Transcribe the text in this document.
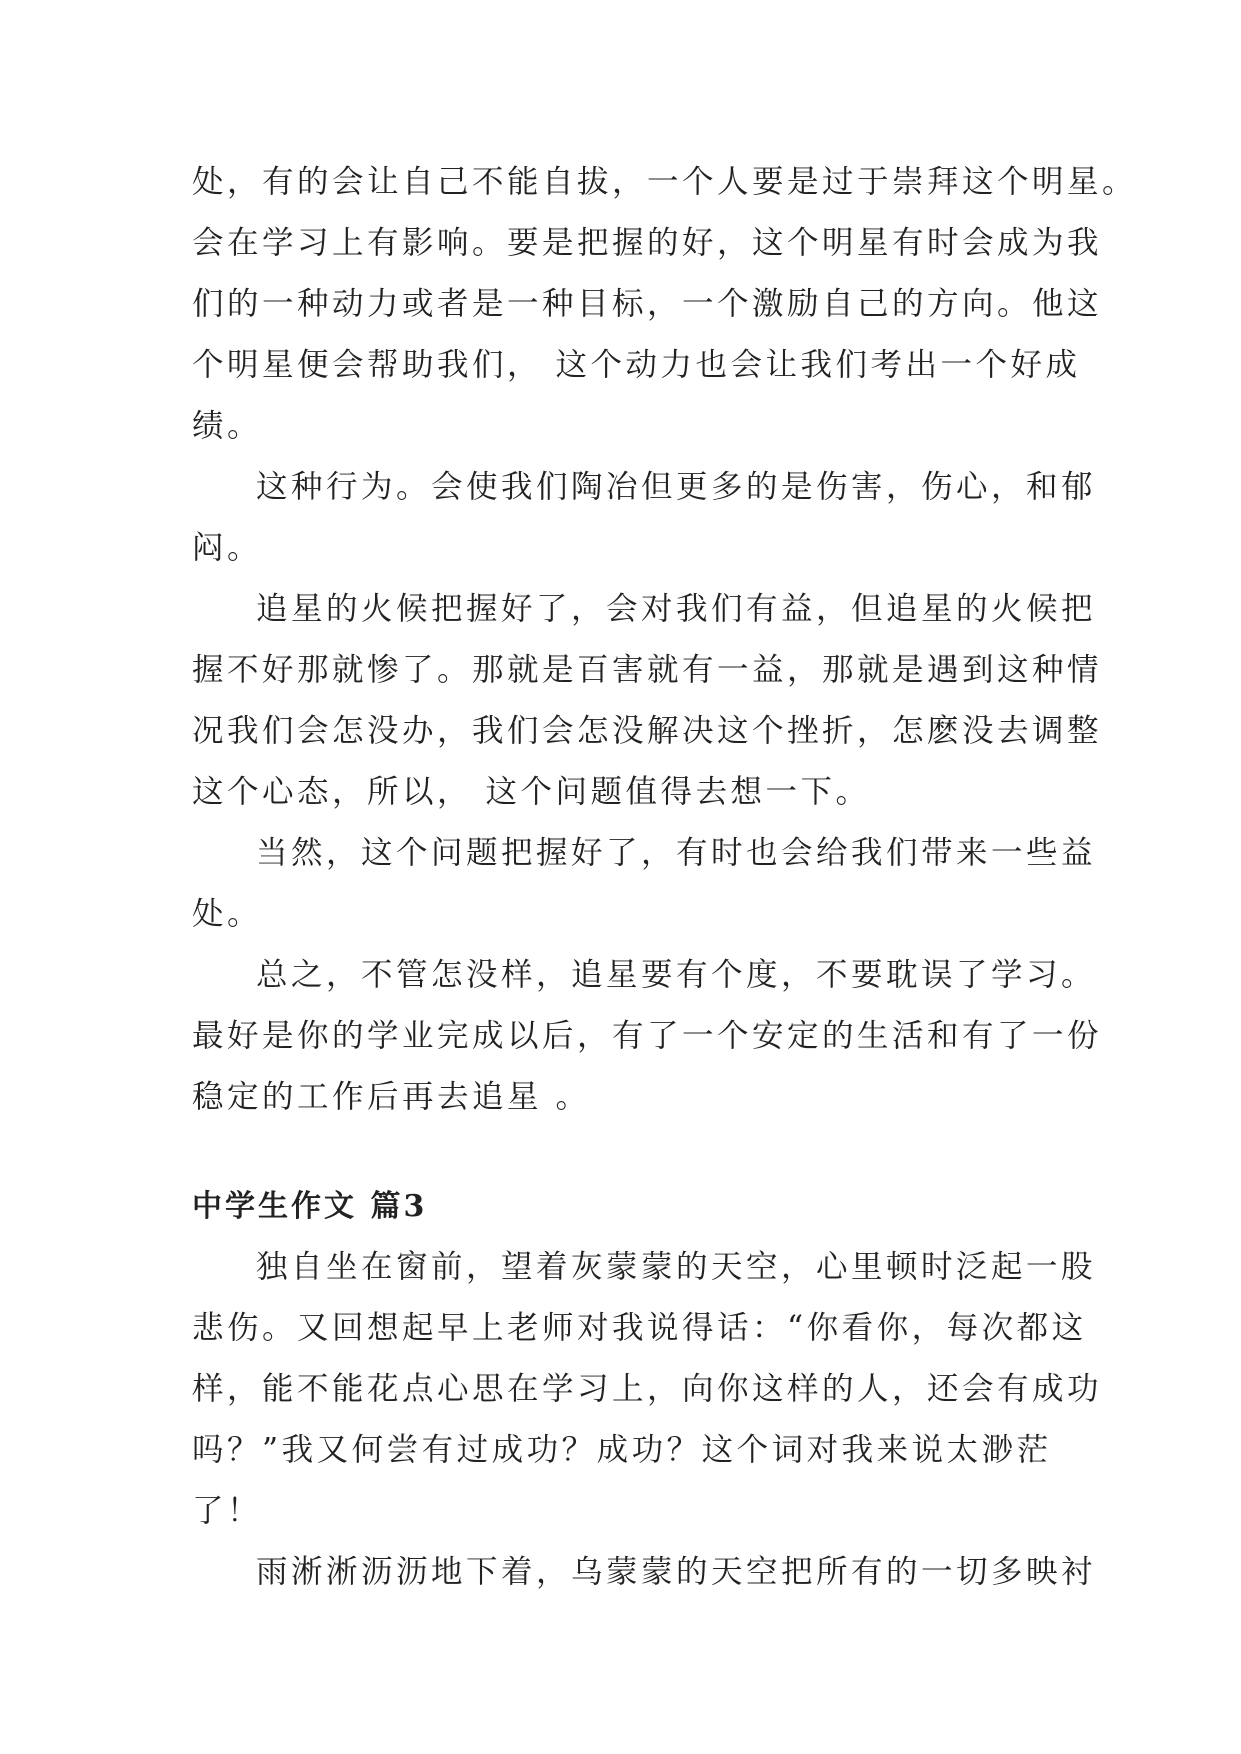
处，有的会让自己不能自拔，一个人要是过于崇拜这个明星。
会在学习上有影响。要是把握的好，这个明星有时会成为我
们的一种动力或者是一种目标，一个激励自己的方向。他这
个明星便会帮助我们， 这个动力也会让我们考出一个好成
绩。

这种行为。会使我们陶冶但更多的是伤害，伤心，和郁
闷。

追星的火候把握好了，会对我们有益，但追星的火候把
握不好那就惨了。那就是百害就有一益，那就是遇到这种情
况我们会怎没办，我们会怎没解决这个挫折，怎麽没去调整
这个心态，所以， 这个问题值得去想一下。

当然，这个问题把握好了，有时也会给我们带来一些益
处。

总之，不管怎没样，追星要有个度，不要耽误了学习。
最好是你的学业完成以后，有了一个安定的生活和有了一份
稳定的工作后再去追星 。

中学生作文 篇3

独自坐在窗前，望着灰蒙蒙的天空，心里顿时泛起一股
悲伤。又回想起早上老师对我说得话：“你看你，每次都这
样，能不能花点心思在学习上，向你这样的人，还会有成功
吗？”我又何尝有过成功？成功？这个词对我来说太渺茫
了！

雨淅淅沥沥地下着，乌蒙蒙的天空把所有的一切多映衬
